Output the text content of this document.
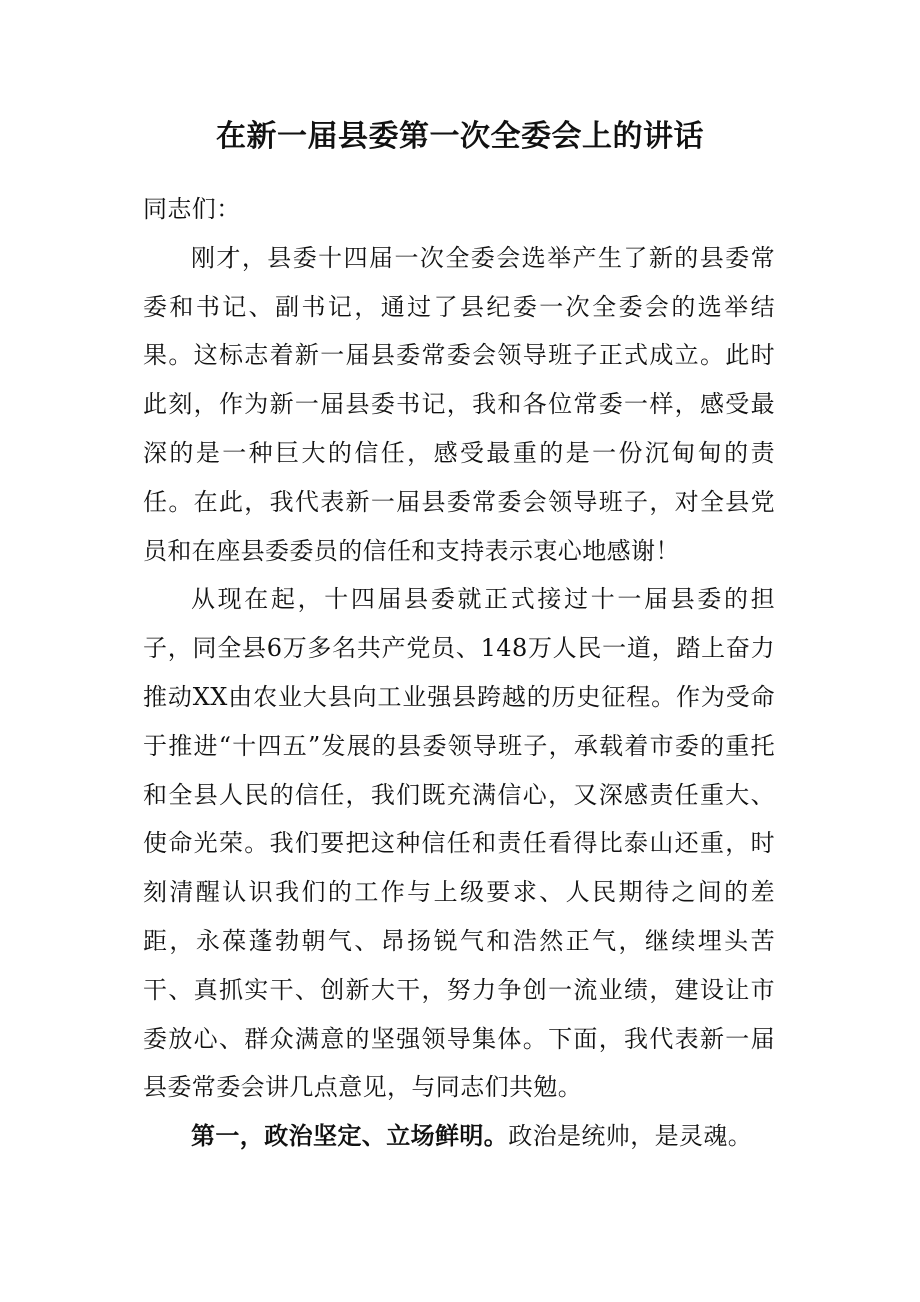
在新一届县委第一次全委会上的讲话

同志们：

刚才，县委十四届一次全委会选举产生了新的县委常委和书记、副书记，通过了县纪委一次全委会的选举结果。这标志着新一届县委常委会领导班子正式成立。此时此刻，作为新一届县委书记，我和各位常委一样，感受最深的是一种巨大的信任，感受最重的是一份沉甸甸的责任。在此，我代表新一届县委常委会领导班子，对全县党员和在座县委委员的信任和支持表示衷心地感谢！

从现在起，十四届县委就正式接过十一届县委的担子，同全县6万多名共产党员、148万人民一道，踏上奋力推动XX由农业大县向工业强县跨越的历史征程。作为受命于推进“十四五”发展的县委领导班子，承载着市委的重托和全县人民的信任，我们既充满信心，又深感责任重大、使命光荣。我们要把这种信任和责任看得比泰山还重，时刻清醒认识我们的工作与上级要求、人民期待之间的差距，永葆蓬勃朝气、昂扬锐气和浩然正气，继续埋头苦干、真抓实干、创新大干，努力争创一流业绩，建设让市委放心、群众满意的坚强领导集体。下面，我代表新一届县委常委会讲几点意见，与同志们共勉。

第一，政治坚定、立场鲜明。政治是统帅，是灵魂。
